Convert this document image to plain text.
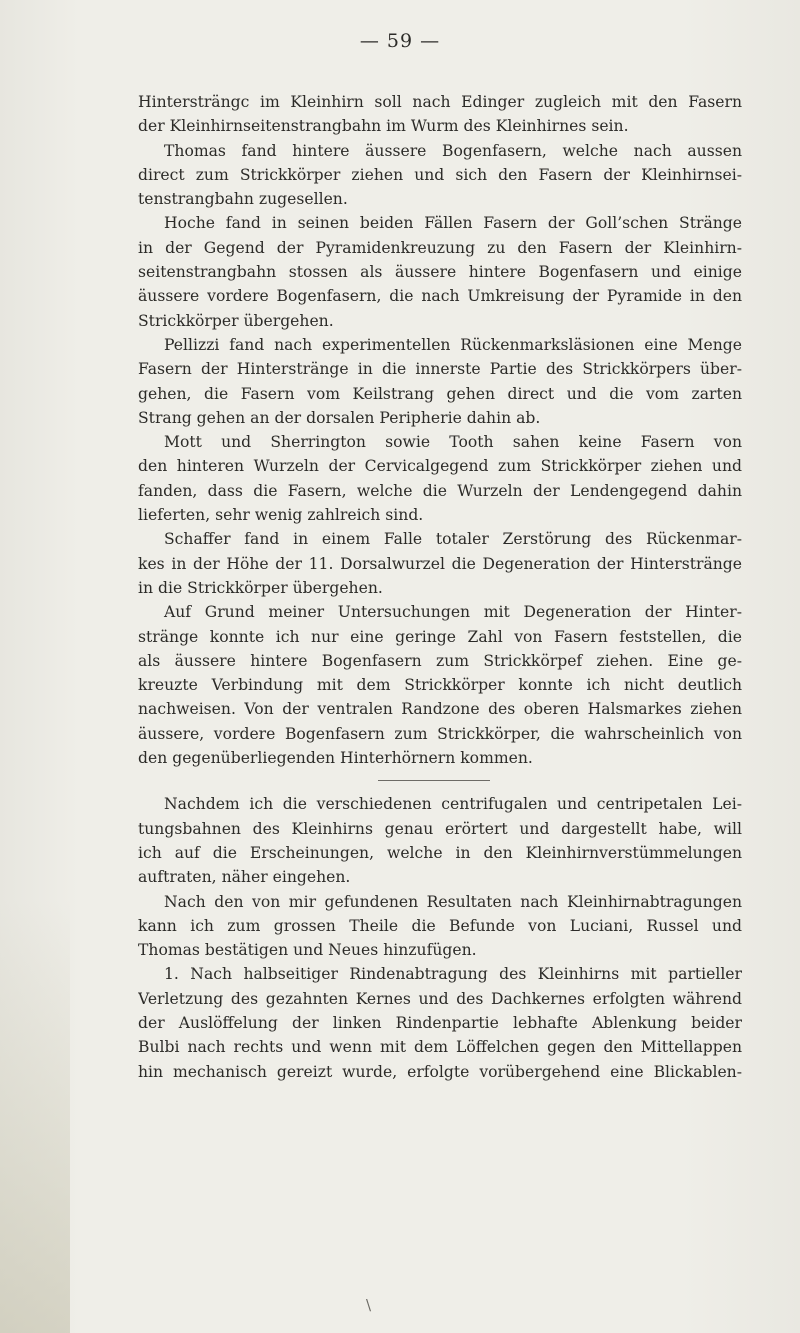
— 59 —
Hintersträngc im Kleinhirn soll nach Edinger zugleich mit den Fasern
der Kleinhirnseitenstrangbahn im Wurm des Kleinhirnes sein.
Thomas fand hintere äussere Bogenfasern, welche nach aussen
direct zum Strickkörper ziehen und sich den Fasern der Kleinhirnsei-
tenstrangbahn zugesellen.
Hoche fand in seinen beiden Fällen Fasern der Goll’schen Stränge
in der Gegend der Pyramidenkreuzung zu den Fasern der Kleinhirn-
seitenstrangbahn stossen als äussere hintere Bogenfasern und einige
äussere vordere Bogenfasern, die nach Umkreisung der Pyramide in den
Strickkörper übergehen.
Pellizzi fand nach experimentellen Rückenmarksläsionen eine Menge
Fasern der Hinterstränge in die innerste Partie des Strickkörpers über-
gehen, die Fasern vom Keilstrang gehen direct und die vom zarten
Strang gehen an der dorsalen Peripherie dahin ab.
Mott und Sherrington sowie Tooth sahen keine Fasern von
den hinteren Wurzeln der Cervicalgegend zum Strickkörper ziehen und
fanden, dass die Fasern, welche die Wurzeln der Lendengegend dahin
lieferten, sehr wenig zahlreich sind.
Schaffer fand in einem Falle totaler Zerstörung des Rückenmar-
kes in der Höhe der 11. Dorsalwurzel die Degeneration der Hinterstränge
in die Strickkörper übergehen.
Auf Grund meiner Untersuchungen mit Degeneration der Hinter-
stränge konnte ich nur eine geringe Zahl von Fasern feststellen, die
als äussere hintere Bogenfasern zum Strickkörpef ziehen. Eine ge-
kreuzte Verbindung mit dem Strickkörper konnte ich nicht deutlich
nachweisen. Von der ventralen Randzone des oberen Halsmarkes ziehen
äussere, vordere Bogenfasern zum Strickkörper, die wahrscheinlich von
den gegenüberliegenden Hinterhörnern kommen.
Nachdem ich die verschiedenen centrifugalen und centripetalen Lei-
tungsbahnen des Kleinhirns genau erörtert und dargestellt habe, will
ich auf die Erscheinungen, welche in den Kleinhirnverstümmelungen
auftraten, näher eingehen.
Nach den von mir gefundenen Resultaten nach Kleinhirnabtragungen
kann ich zum grossen Theile die Befunde von Luciani, Russel und
Thomas bestätigen und Neues hinzufügen.
1. Nach halbseitiger Rindenabtragung des Kleinhirns mit partieller
Verletzung des gezahnten Kernes und des Dachkernes erfolgten während
der Auslöffelung der linken Rindenpartie lebhafte Ablenkung beider
Bulbi nach rechts und wenn mit dem Löffelchen gegen den Mittellappen
hin mechanisch gereizt wurde, erfolgte vorübergehend eine Blickablen-
\
